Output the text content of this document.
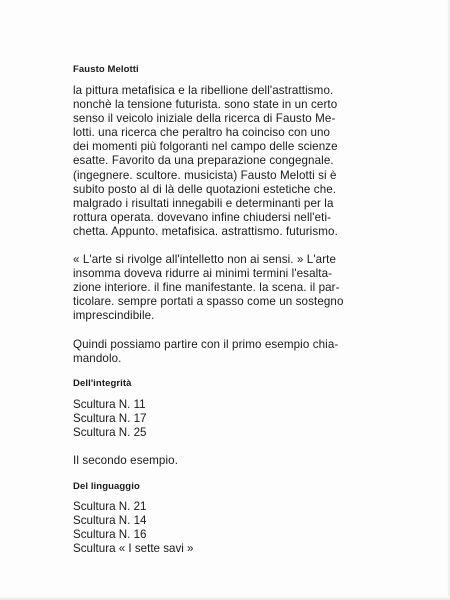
Fausto Melotti

la pittura metafisica e la ribellione dell'astrattismo.
nonchè la tensione futurista. sono state in un certo
senso il veicolo iniziale della ricerca di Fausto Me-
lotti. una ricerca che peraltro ha coinciso con uno
dei momenti più folgoranti nel campo delle scienze
esatte. Favorito da una preparazione congegnale.
(ingegnere. scultore. musicista) Fausto Melotti si è
subito posto al di là delle quotazioni estetiche che.
malgrado i risultati innegabili e determinanti per la
rottura operata. dovevano infine chiudersi nell'eti-
chetta. Appunto. metafisica. astrattismo. futurismo.

« L'arte si rivolge all'intelletto non ai sensi. » L'arte
insomma doveva ridurre ai minimi termini l'esalta-
zione interiore. il fine manifestante. la scena. il par-
ticolare. sempre portati a spasso come un sostegno
imprescindibile.

Quindi possiamo partire con il primo esempio chia-
mandolo.

Dell'integrità
Scultura N. 11
Scultura N. 17
Scultura N. 25

Il secondo esempio.

Del linguaggio
Scultura N. 21
Scultura N. 14
Scultura N. 16
Scultura « I sette savi »
